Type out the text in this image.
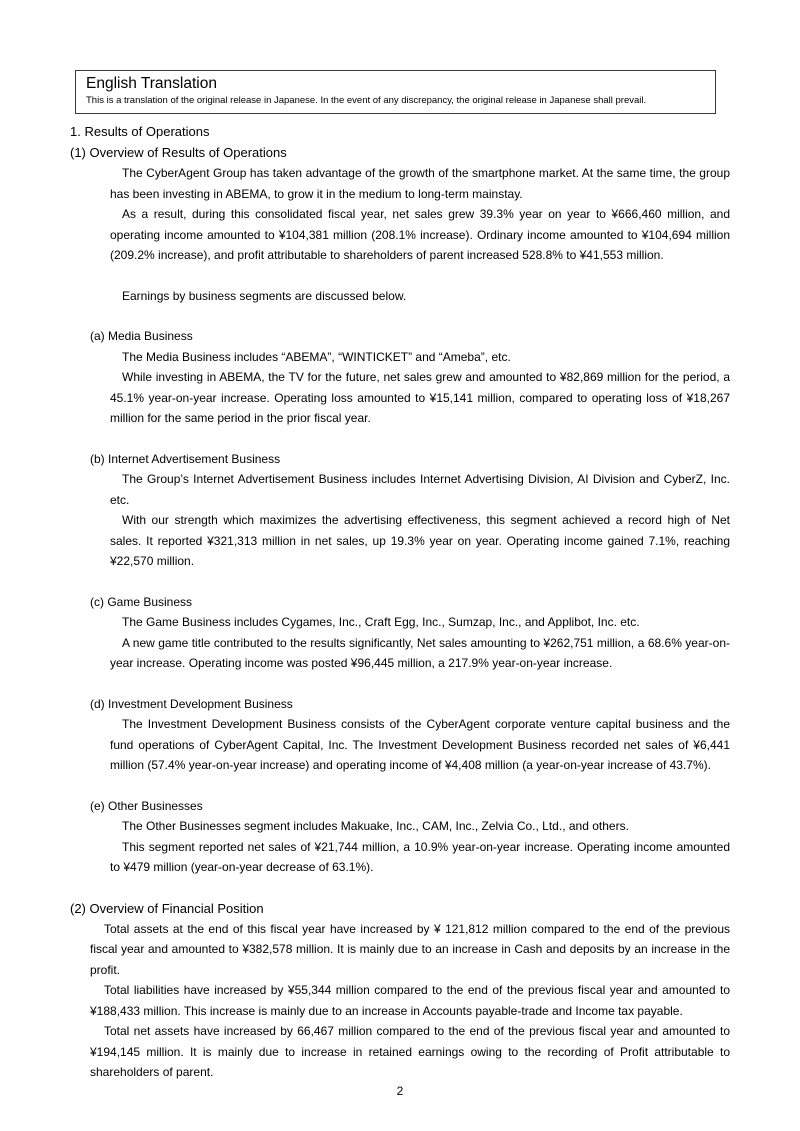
English Translation
This is a translation of the original release in Japanese. In the event of any discrepancy, the original release in Japanese shall prevail.
1. Results of Operations
(1) Overview of Results of Operations

The CyberAgent Group has taken advantage of the growth of the smartphone market. At the same time, the group has been investing in ABEMA, to grow it in the medium to long-term mainstay.

As a result, during this consolidated fiscal year, net sales grew 39.3% year on year to ¥666,460 million, and operating income amounted to ¥104,381 million (208.1% increase). Ordinary income amounted to ¥104,694 million (209.2% increase), and profit attributable to shareholders of parent increased 528.8% to ¥41,553 million.

Earnings by business segments are discussed below.

(a) Media Business

The Media Business includes “ABEMA”, “WINTICKET” and “Ameba”, etc.

While investing in ABEMA, the TV for the future, net sales grew and amounted to ¥82,869 million for the period, a 45.1% year-on-year increase. Operating loss amounted to ¥15,141 million, compared to operating loss of ¥18,267 million for the same period in the prior fiscal year.

(b) Internet Advertisement Business

The Group’s Internet Advertisement Business includes Internet Advertising Division, AI Division and CyberZ, Inc. etc.

With our strength which maximizes the advertising effectiveness, this segment achieved a record high of Net sales. It reported ¥321,313 million in net sales, up 19.3% year on year. Operating income gained 7.1%, reaching ¥22,570 million.

(c) Game Business

The Game Business includes Cygames, Inc., Craft Egg, Inc., Sumzap, Inc., and Applibot, Inc. etc.

A new game title contributed to the results significantly, Net sales amounting to ¥262,751 million, a 68.6% year-on-year increase. Operating income was posted ¥96,445 million, a 217.9% year-on-year increase.

(d) Investment Development Business

The Investment Development Business consists of the CyberAgent corporate venture capital business and the fund operations of CyberAgent Capital, Inc. The Investment Development Business recorded net sales of ¥6,441 million (57.4% year-on-year increase) and operating income of ¥4,408 million (a year-on-year increase of 43.7%).

(e) Other Businesses

The Other Businesses segment includes Makuake, Inc., CAM, Inc., Zelvia Co., Ltd., and others.

This segment reported net sales of ¥21,744 million, a 10.9% year-on-year increase. Operating income amounted to ¥479 million (year-on-year decrease of 63.1%).

(2) Overview of Financial Position

Total assets at the end of this fiscal year have increased by ¥ 121,812 million compared to the end of the previous fiscal year and amounted to ¥382,578 million. It is mainly due to an increase in Cash and deposits by an increase in the profit.

Total liabilities have increased by ¥55,344 million compared to the end of the previous fiscal year and amounted to ¥188,433 million. This increase is mainly due to an increase in Accounts payable-trade and Income tax payable.

Total net assets have increased by 66,467 million compared to the end of the previous fiscal year and amounted to ¥194,145 million. It is mainly due to increase in retained earnings owing to the recording of Profit attributable to shareholders of parent.

2
